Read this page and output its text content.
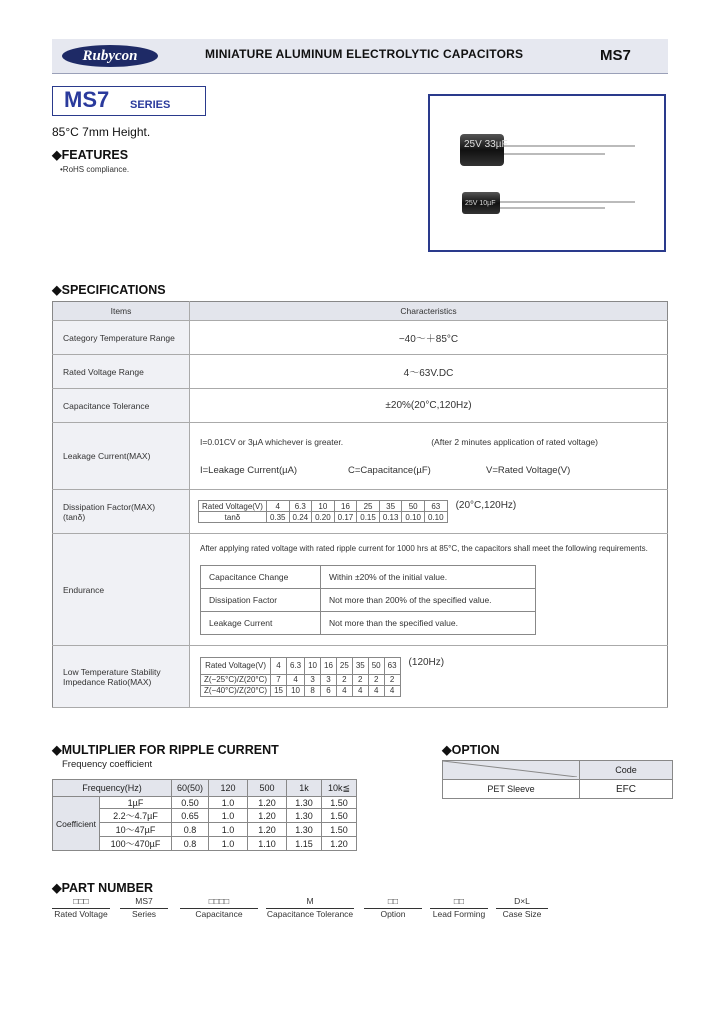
Rubycon	MINIATURE ALUMINUM ELECTROLYTIC CAPACITORS	MS7
MS7 SERIES
85°C 7mm Height.
◆FEATURES
•RoHS compliance.
25V 33µF
25V 10µF
◆SPECIFICATIONS
Items	Characteristics
Category Temperature Range	−40～＋85°C
Rated Voltage Range	4～63V.DC
Capacitance Tolerance	±20%(20°C,120Hz)
Leakage Current(MAX)	
I=0.01CV or 3µA whichever is greater.	(After 2 minutes application of rated voltage)
I=Leakage Current(µA)	C=Capacitance(µF)	V=Rated Voltage(V)

Dissipation Factor(MAX)
(tanδ)

Rated Voltage(V)	4	6.3	10	16	25	35	50	63
tanδ	0.35	0.24	0.20	0.17	0.15	0.13	0.10	0.10
(20°C,120Hz)

Endurance	
After applying rated voltage with rated ripple current for 1000 hrs at 85°C, the capacitors shall meet the following requirements.
Capacitance Change	Within ±20% of the initial value.
Dissipation Factor	Not more than 200% of the specified value.
Leakage Current	Not more than the specified value.

Low Temperature Stability Impedance Ratio(MAX)	
Rated Voltage(V)	4	6.3	10	16	25	35	50	63
Z(−25°C)/Z(20°C)	7	4	3	3	2	2	2	2
Z(−40°C)/Z(20°C)	15	10	8	6	4	4	4	4
(120Hz)
◆MULTIPLIER FOR RIPPLE CURRENT
Frequency coefficient
Frequency(Hz)		60(50)	120	500	1k	10k≦
Coefficient	1µF	0.50	1.0	1.20	1.30	1.50
	2.2～4.7µF	0.65	1.0	1.20	1.30	1.50
	10～47µF	0.8	1.0	1.20	1.30	1.50
	100～470µF	0.8	1.0	1.10	1.15	1.20
◆OPTION
	Code
PET Sleeve	EFC
◆PART NUMBER
□□□
Rated Voltage
MS7
Series
□□□□
Capacitance
M
Capacitance Tolerance
□□
Option
□□
Lead Forming
D×L
Case Size
